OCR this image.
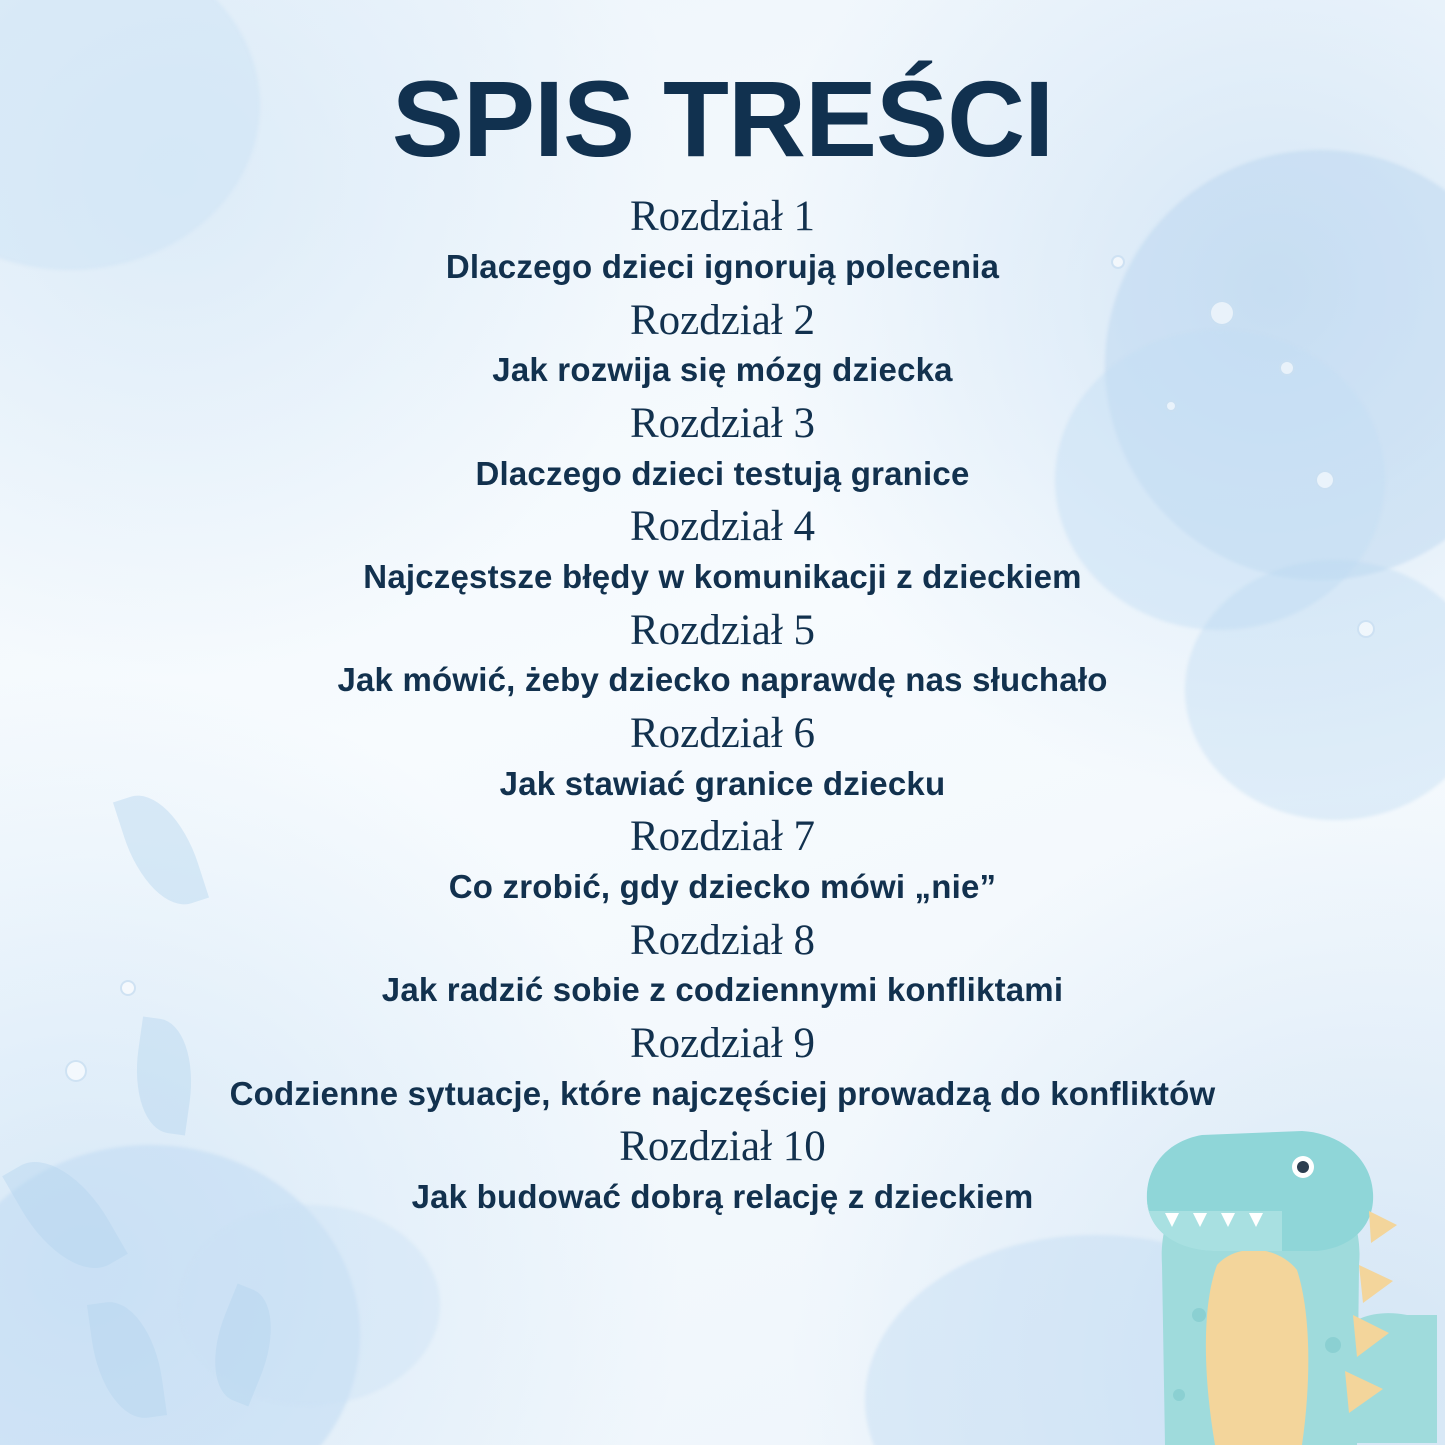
SPIS TREŚCI
Rozdział 1
Dlaczego dzieci ignorują polecenia
Rozdział 2
Jak rozwija się mózg dziecka
Rozdział 3
Dlaczego dzieci testują granice
Rozdział 4
Najczęstsze błędy w komunikacji z dzieckiem
Rozdział 5
Jak mówić, żeby dziecko naprawdę nas słuchało
Rozdział 6
Jak stawiać granice dziecku
Rozdział 7
Co zrobić, gdy dziecko mówi „nie”
Rozdział 8
Jak radzić sobie z codziennymi konfliktami
Rozdział 9
Codzienne sytuacje, które najczęściej prowadzą do konfliktów
Rozdział 10
Jak budować dobrą relację z dzieckiem
